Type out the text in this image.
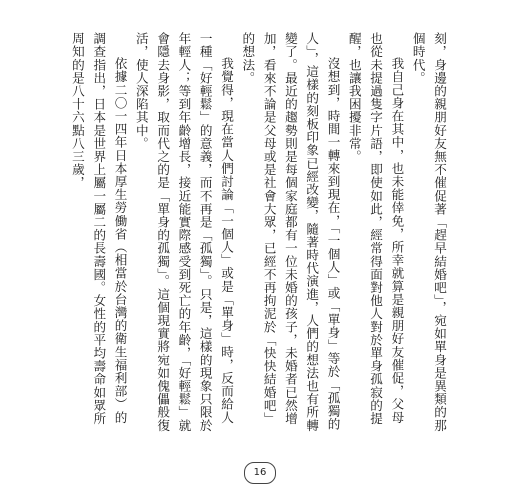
刻，身邊的親朋好友無不催促著「趕早結婚吧」，宛如單身是異類的那個時代。

我自己身在其中，也未能倖免，所幸就算是親朋好友催促，父母也從未提過隻字片語，即使如此，經常得面對他人對於單身孤寂的提醒，也讓我困擾非常。

沒想到，時間一轉來到現在，「一個人」或「單身」等於「孤獨的人」，這樣的刻板印象已經改變，隨著時代演進，人們的想法也有所轉變了。最近的趨勢則是每個家庭都有一位未婚的孩子，未婚者已然增加，看來不論是父母或是社會大眾，已經不再拘泥於「快快結婚吧」的想法。

我覺得，現在當人們討論「一個人」或是「單身」時，反而給人一種「好輕鬆」的意義，而不再是「孤獨」。只是，這樣的現象只限於年輕人；等到年齡增長，接近能實際感受到死亡的年齡，「好輕鬆」就會隱去身影，取而代之的是「單身的孤獨」。這個現實將宛如傀儡般復活，使人深陷其中。

依據二〇一四年日本厚生勞働省（相當於台灣的衛生福利部）的調查指出，日本是世界上屬一屬二的長壽國。女性的平均壽命如眾所周知的是八十六點八三歲，

16
